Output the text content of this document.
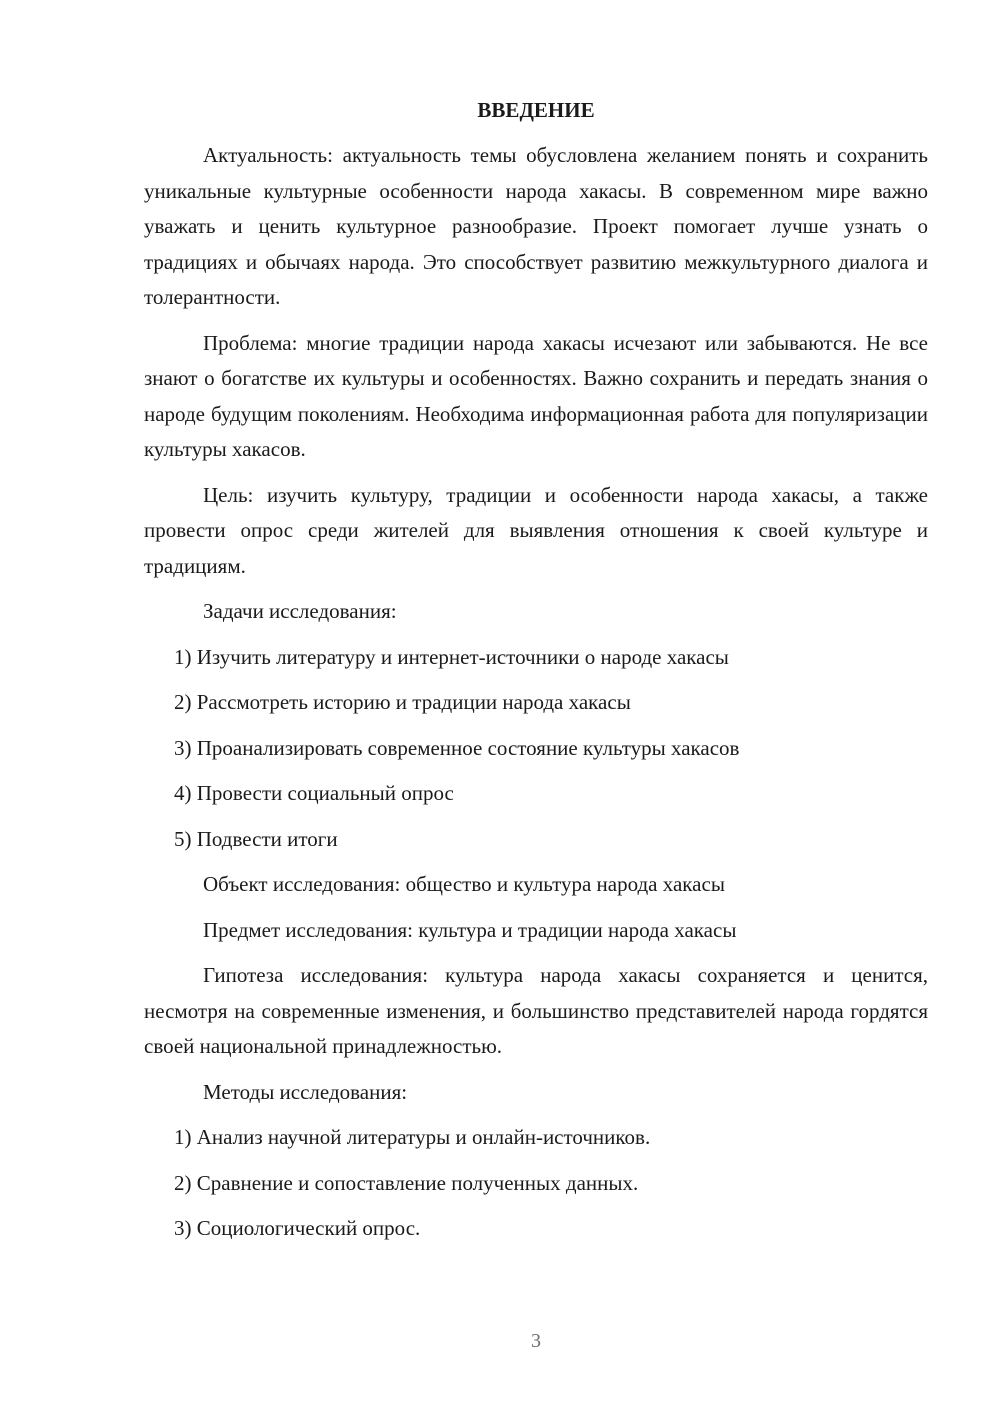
ВВЕДЕНИЕ

Актуальность: актуальность темы обусловлена желанием понять и сохранить уникальные культурные особенности народа хакасы. В современном мире важно уважать и ценить культурное разнообразие. Проект помогает лучше узнать о традициях и обычаях народа. Это способствует развитию межкультурного диалога и толерантности.

Проблема: многие традиции народа хакасы исчезают или забываются. Не все знают о богатстве их культуры и особенностях. Важно сохранить и передать знания о народе будущим поколениям. Необходима информационная работа для популяризации культуры хакасов.

Цель: изучить культуру, традиции и особенности народа хакасы, а также провести опрос среди жителей для выявления отношения к своей культуре и традициям.

Задачи исследования:

1) Изучить литературу и интернет-источники о народе хакасы

2) Рассмотреть историю и традиции народа хакасы

3) Проанализировать современное состояние культуры хакасов

4) Провести социальный опрос

5) Подвести итоги

Объект исследования: общество и культура народа хакасы

Предмет исследования: культура и традиции народа хакасы

Гипотеза исследования: культура народа хакасы сохраняется и ценится, несмотря на современные изменения, и большинство представителей народа гордятся своей национальной принадлежностью.

Методы исследования:

1) Анализ научной литературы и онлайн-источников.

2) Сравнение и сопоставление полученных данных.

3) Социологический опрос.

3
